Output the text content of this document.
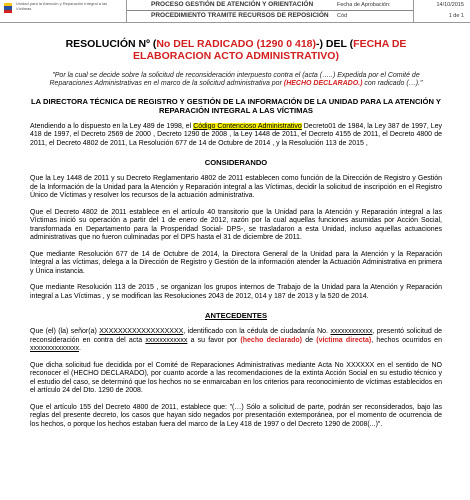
Unidad para la Atención y Reparación Integral a las Víctimas	PROCESO GESTIÓN DE ATENCIÓN Y ORIENTACIÓN	Fecha de Aprobación:
PROCEDIMIENTO TRAMITE RECURSOS DE REPOSICIÓN Cód
14/10/2015
1 de 1
RESOLUCIÓN Nº (No DEL RADICADO (1290 0 418)-) DEL (FECHA DE ELABORACION ACTO ADMINISTRATIVO)
"Por la cual se decide sobre la solicitud de reconsideración interpuesto contra el (acta (…..) Expedida por el Comité de Reparaciones Administrativas en el marco de la solicitud administrativa por (HECHO DECLARADO.) con radicado (…)."
LA DIRECTORA TÉCNICA DE REGISTRO Y GESTIÓN DE LA INFORMACIÓN DE LA UNIDAD PARA LA ATENCIÓN Y REPARACIÓN INTEGRAL A LAS VÍCTIMAS
Atendiendo a lo dispuesto en la Ley 489 de 1998, el Código Contencioso Administrativo Decreto01 de 1984, la Ley 387 de 1997, Ley 418 de 1997, el Decreto 2569 de 2000 , Decreto 1290 de 2008 , la Ley 1448 de 2011, el Decreto 4155 de 2011, el Decreto 4800 de 2011, el Decreto 4802 de 2011, La Resolución 677 de 14 de Octubre de 2014 , y la Resolución 113 de 2015 ,
CONSIDERANDO
Que la Ley 1448 de 2011 y su Decreto Reglamentario 4802 de 2011 establecen como función de la Dirección de Registro y Gestión de la Información de la Unidad para la Atención y Reparación integral a las Víctimas, decidir la solicitud de inscripción en el Registro Único de Víctimas y resolver los recursos de la actuación administrativa.
Que el Decreto 4802 de 2011 establece en el artículo 40 transitorio que la Unidad para la Atención y Reparación integral a las Víctimas inició su operación a partir del 1 de enero de 2012, razón por la cual aquellas funciones asumidas por Acción Social, transformada en Departamento para la Prosperidad Social- DPS-, se trasladaron a esta Unidad, incluso aquellas actuaciones administrativas que no fueron culminadas por el DPS hasta el 31 de diciembre de 2011.
Que mediante Resolución 677 de 14 de Octubre de 2014, la Directora General de la Unidad para la Atención y la Reparación Integral a las víctimas, delega a la Dirección de Registro y Gestión de la información atender la Actuación Administrativa en primera y Única instancia.
Que mediante Resolución 113 de 2015 , se organizan los grupos internos de Trabajo de la Unidad para la Atención y Reparación integral a Las Víctimas , y se modifican las Resoluciones 2043 de 2012, 014 y 187 de 2013 y la 520 de 2014.
ANTECEDENTES
Que (el) (la) señor(a) XXXXXXXXXXXXXXXXXX, identificado con la cédula de ciudadanía No. xxxxxxxxxxxx, presentó solicitud de reconsideración en contra del acta xxxxxxxxxxxx a su favor por (hecho declarado) de (víctima directa), hechos ocurridos en xxxxxxxxxxxxxx.
Que dicha solicitud fue decidida por el Comité de Reparaciones Administrativas mediante Acta No XXXXXX en el sentido de NO reconocer el (HECHO DECLARADO), por cuanto acorde a las recomendaciones de la extinta Acción Social en su estudio técnico y el estudio del caso, se determinó que los hechos no se enmarcaban en los criterios para reconocimiento de víctimas establecidos en el artículo 24 del Dto. 1290 de 2008.
Que el artículo 155 del Decreto 4800 de 2011, establece que: "(…) Sólo a solicitud de parte, podrán ser reconsiderados, bajo las reglas del presente decreto, los casos que hayan sido negados por presentación extemporánea, por el momento de ocurrencia de los hechos, o porque los hechos estaban fuera del marco de la Ley 418 de 1997 o del Decreto 1290 de 2008(...)".
